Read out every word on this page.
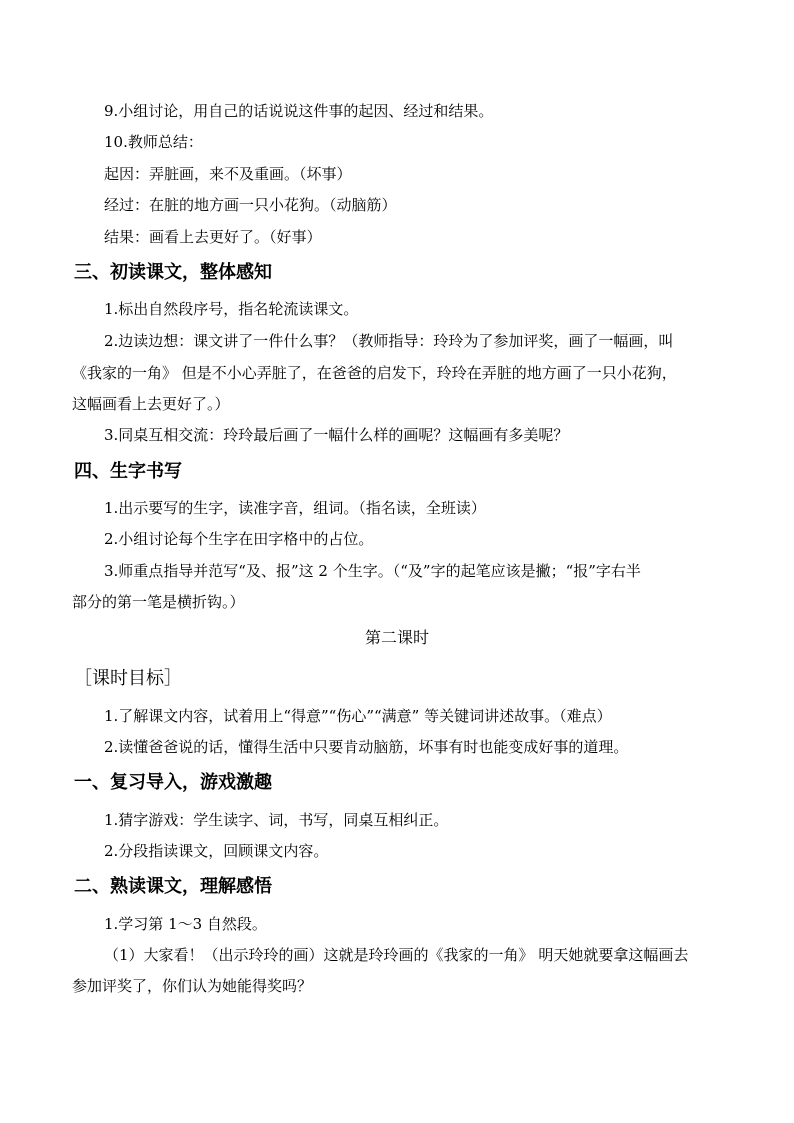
9.小组讨论，用自己的话说说这件事的起因、经过和结果。
10.教师总结：
起因：弄脏画，来不及重画。（坏事）
经过：在脏的地方画一只小花狗。（动脑筋）
结果：画看上去更好了。（好事）
三、初读课文，整体感知
1.标出自然段序号，指名轮流读课文。
2.边读边想：课文讲了一件什么事？（教师指导：玲玲为了参加评奖，画了一幅画，叫
《我家的一角》 但是不小心弄脏了，在爸爸的启发下，玲玲在弄脏的地方画了一只小花狗，
这幅画看上去更好了。）
3.同桌互相交流：玲玲最后画了一幅什么样的画呢？这幅画有多美呢？
四、生字书写
1.出示要写的生字，读准字音，组词。（指名读，全班读）
2.小组讨论每个生字在田字格中的占位。
3.师重点指导并范写“及、报”这 2 个生字。（“及”字的起笔应该是撇；“报”字右半
部分的第一笔是横折钩。）
第二课时
［课时目标］
1.了解课文内容，试着用上“得意”“伤心”“满意” 等关键词讲述故事。（难点）
2.读懂爸爸说的话，懂得生活中只要肯动脑筋，坏事有时也能变成好事的道理。
一、复习导入，游戏激趣
1.猜字游戏：学生读字、词，书写，同桌互相纠正。
2.分段指读课文，回顾课文内容。
二、熟读课文，理解感悟
1.学习第 1～3 自然段。
（1）大家看！（出示玲玲的画）这就是玲玲画的《我家的一角》 明天她就要拿这幅画去
参加评奖了，你们认为她能得奖吗？
